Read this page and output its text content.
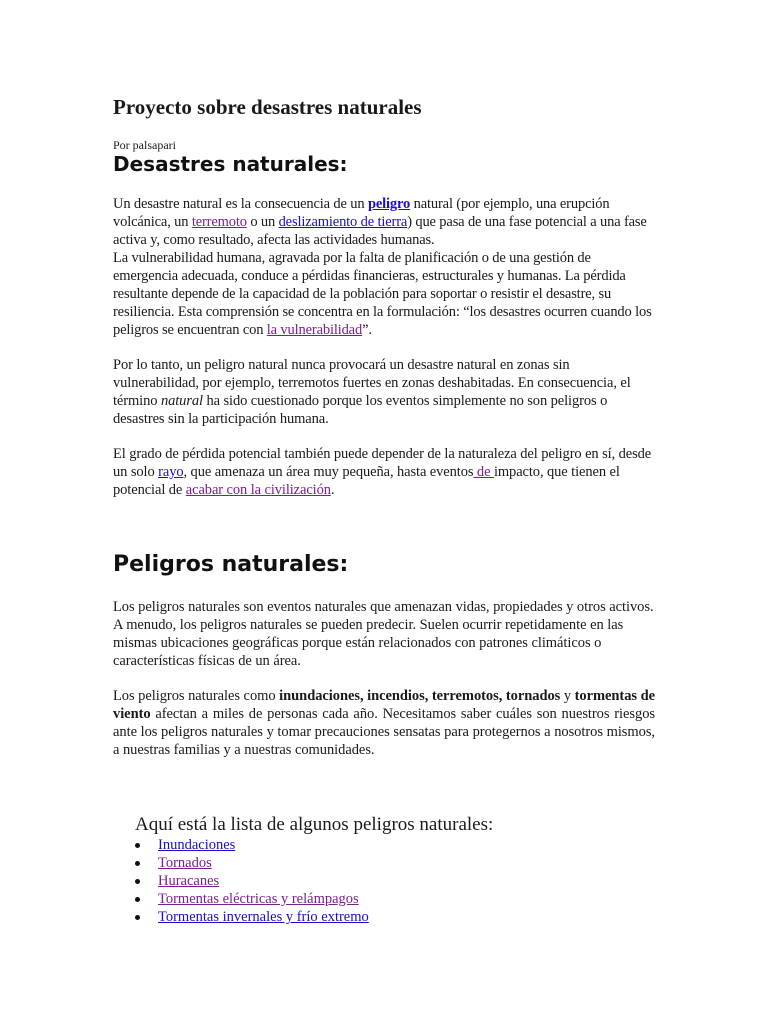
Proyecto sobre desastres naturales

Por palsapari

Desastres naturales:

Un desastre natural es la consecuencia de un peligro natural (por ejemplo, una erupción volcánica, un terremoto o un deslizamiento de tierra) que pasa de una fase potencial a una fase activa y, como resultado, afecta las actividades humanas.
La vulnerabilidad humana, agravada por la falta de planificación o de una gestión de emergencia adecuada, conduce a pérdidas financieras, estructurales y humanas. La pérdida resultante depende de la capacidad de la población para soportar o resistir el desastre, su resiliencia. Esta comprensión se concentra en la formulación: “los desastres ocurren cuando los peligros se encuentran con la vulnerabilidad”.

Por lo tanto, un peligro natural nunca provocará un desastre natural en zonas sin vulnerabilidad, por ejemplo, terremotos fuertes en zonas deshabitadas. En consecuencia, el término natural ha sido cuestionado porque los eventos simplemente no son peligros o desastres sin la participación humana.

El grado de pérdida potencial también puede depender de la naturaleza del peligro en sí, desde un solo rayo, que amenaza un área muy pequeña, hasta eventos de impacto, que tienen el potencial de acabar con la civilización.

Peligros naturales:

Los peligros naturales son eventos naturales que amenazan vidas, propiedades y otros activos. A menudo, los peligros naturales se pueden predecir. Suelen ocurrir repetidamente en las mismas ubicaciones geográficas porque están relacionados con patrones climáticos o características físicas de un área.

Los peligros naturales como inundaciones, incendios, terremotos, tornados y tormentas de viento afectan a miles de personas cada año. Necesitamos saber cuáles son nuestros riesgos ante los peligros naturales y tomar precauciones sensatas para protegernos a nosotros mismos, a nuestras familias y a nuestras comunidades.

Aquí está la lista de algunos peligros naturales:

Inundaciones
Tornados
Huracanes
Tormentas eléctricas y relámpagos
Tormentas invernales y frío extremo
